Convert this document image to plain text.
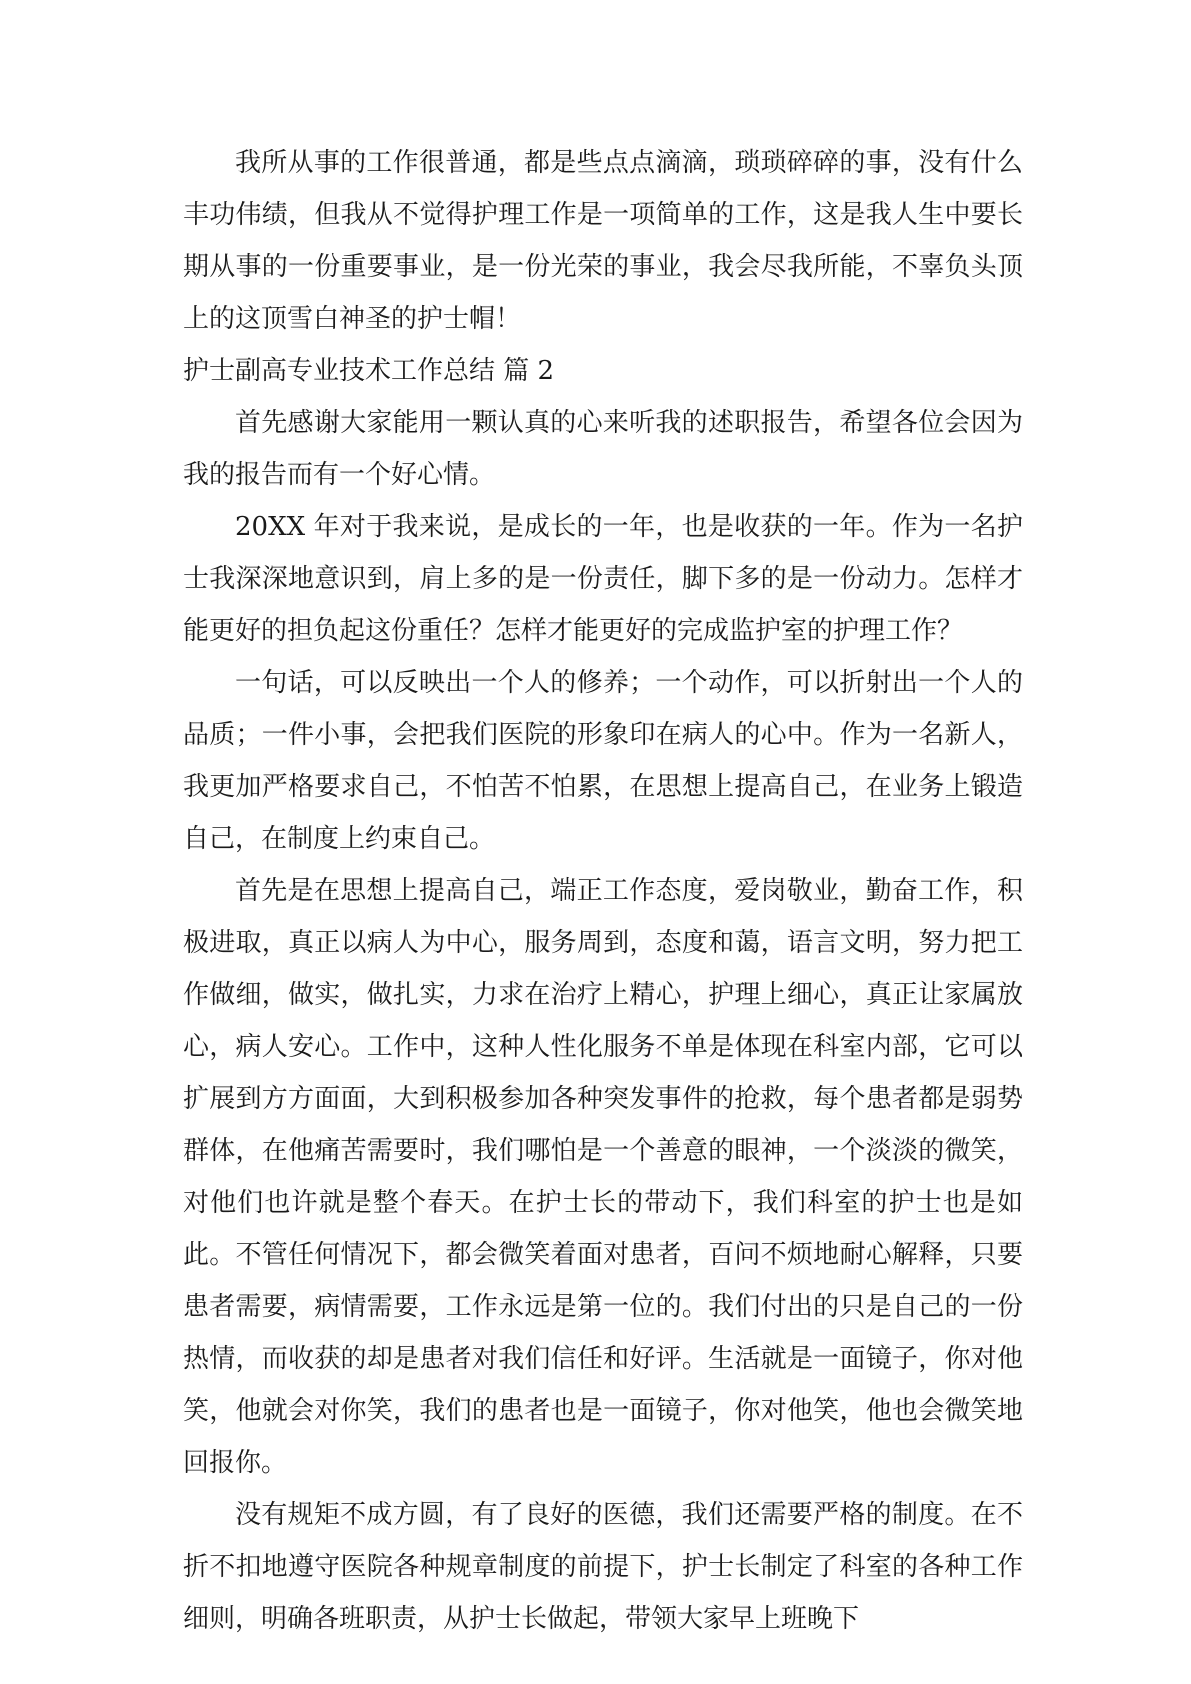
我所从事的工作很普通，都是些点点滴滴，琐琐碎碎的事，没有什么丰功伟绩，但我从不觉得护理工作是一项简单的工作，这是我人生中要长期从事的一份重要事业，是一份光荣的事业，我会尽我所能，不辜负头顶上的这顶雪白神圣的护士帽！

护士副高专业技术工作总结 篇 2

首先感谢大家能用一颗认真的心来听我的述职报告，希望各位会因为我的报告而有一个好心情。

20XX 年对于我来说，是成长的一年，也是收获的一年。作为一名护士我深深地意识到，肩上多的是一份责任，脚下多的是一份动力。怎样才能更好的担负起这份重任？怎样才能更好的完成监护室的护理工作？

一句话，可以反映出一个人的修养；一个动作，可以折射出一个人的品质；一件小事，会把我们医院的形象印在病人的心中。作为一名新人，我更加严格要求自己，不怕苦不怕累，在思想上提高自己，在业务上锻造自己，在制度上约束自己。

首先是在思想上提高自己，端正工作态度，爱岗敬业，勤奋工作，积极进取，真正以病人为中心，服务周到，态度和蔼，语言文明，努力把工作做细，做实，做扎实，力求在治疗上精心，护理上细心，真正让家属放心，病人安心。工作中，这种人性化服务不单是体现在科室内部，它可以扩展到方方面面，大到积极参加各种突发事件的抢救，每个患者都是弱势群体，在他痛苦需要时，我们哪怕是一个善意的眼神，一个淡淡的微笑，对他们也许就是整个春天。在护士长的带动下，我们科室的护士也是如此。不管任何情况下，都会微笑着面对患者，百问不烦地耐心解释，只要患者需要，病情需要，工作永远是第一位的。我们付出的只是自己的一份热情，而收获的却是患者对我们信任和好评。生活就是一面镜子，你对他笑，他就会对你笑，我们的患者也是一面镜子，你对他笑，他也会微笑地回报你。

没有规矩不成方圆，有了良好的医德，我们还需要严格的制度。在不折不扣地遵守医院各种规章制度的前提下，护士长制定了科室的各种工作细则，明确各班职责，从护士长做起，带领大家早上班晚下
